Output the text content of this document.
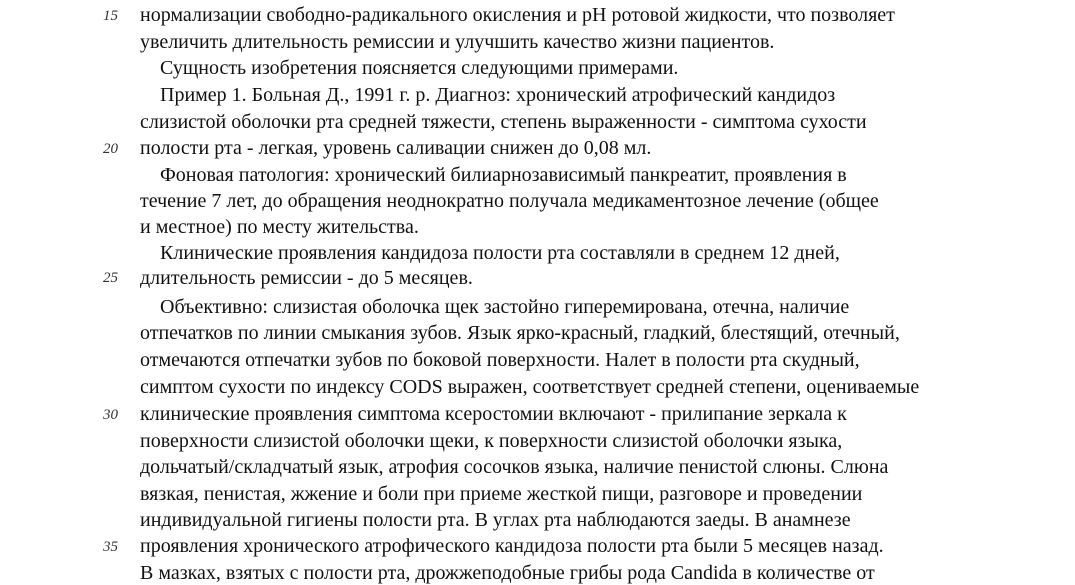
15
20
25
30
35
нормализации свободно-радикального окисления и рН ротовой жидкости, что позволяет
увеличить длительность ремиссии и улучшить качество жизни пациентов.
Сущность изобретения поясняется следующими примерами.
Пример 1. Больная Д., 1991 г. р. Диагноз: хронический атрофический кандидоз
слизистой оболочки рта средней тяжести, степень выраженности - симптома сухости
полости рта - легкая, уровень саливации снижен до 0,08 мл.
Фоновая патология: хронический билиарнозависимый панкреатит, проявления в
течение 7 лет, до обращения неоднократно получала медикаментозное лечение (общее
и местное) по месту жительства.
Клинические проявления кандидоза полости рта составляли в среднем 12 дней,
длительность ремиссии - до 5 месяцев.
Объективно: слизистая оболочка щек застойно гиперемирована, отечна, наличие
отпечатков по линии смыкания зубов. Язык ярко-красный, гладкий, блестящий, отечный,
отмечаются отпечатки зубов по боковой поверхности. Налет в полости рта скудный,
симптом сухости по индексу CODS выражен, соответствует средней степени, оцениваемые
клинические проявления симптома ксеростомии включают - прилипание зеркала к
поверхности слизистой оболочки щеки, к поверхности слизистой оболочки языка,
дольчатый/складчатый язык, атрофия сосочков языка, наличие пенистой слюны. Слюна
вязкая, пенистая, жжение и боли при приеме жесткой пищи, разговоре и проведении
индивидуальной гигиены полости рта. В углах рта наблюдаются заеды. В анамнезе
проявления хронического атрофического кандидоза полости рта были 5 месяцев назад.
В мазках, взятых с полости рта, дрожжеподобные грибы рода Candida в количестве от
